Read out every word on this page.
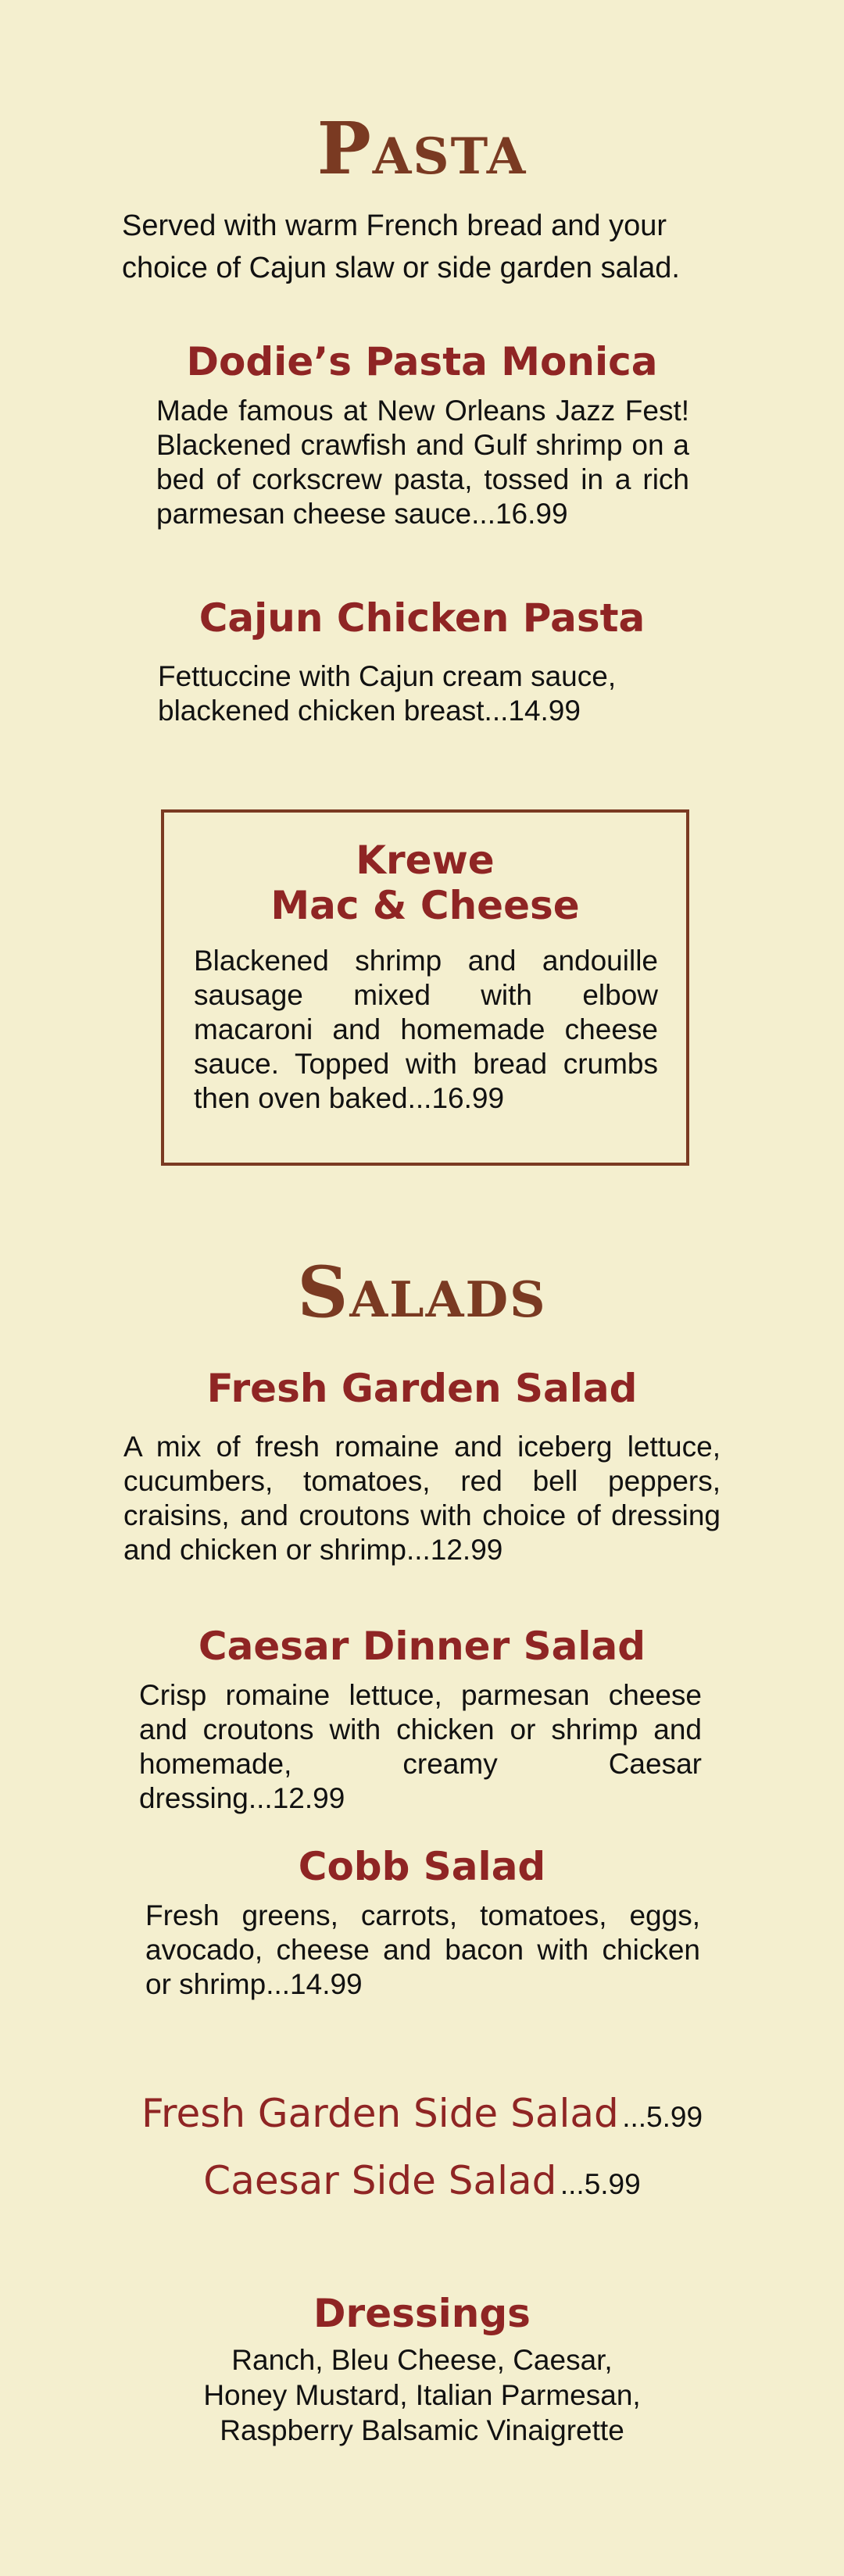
Pasta

Served with warm French bread and your choice of Cajun slaw or side garden salad.

Dodie’s Pasta Monica

Made famous at New Orleans Jazz Fest! Blackened crawfish and Gulf shrimp on a bed of corkscrew pasta, tossed in a rich parmesan cheese sauce...16.99

Cajun Chicken Pasta

Fettuccine with Cajun cream sauce, blackened chicken breast...14.99

Krewe
Mac & Cheese

Blackened shrimp and andouille sausage mixed with elbow macaroni and homemade cheese sauce. Topped with bread crumbs then oven baked...16.99

Salads
Fresh Garden Salad

A mix of fresh romaine and iceberg lettuce, cucumbers, tomatoes, red bell peppers, craisins, and croutons with choice of dressing and chicken or shrimp...12.99

Caesar Dinner Salad

Crisp romaine lettuce, parmesan cheese and croutons with chicken or shrimp and homemade, creamy Caesar dressing...12.99

Cobb Salad

Fresh greens, carrots, tomatoes, eggs, avocado, cheese and bacon with chicken or shrimp...14.99

Fresh Garden Side Salad ...5.99
Caesar Side Salad ...5.99
Dressings

Ranch, Bleu Cheese, Caesar,
Honey Mustard, Italian Parmesan,
Raspberry Balsamic Vinaigrette
